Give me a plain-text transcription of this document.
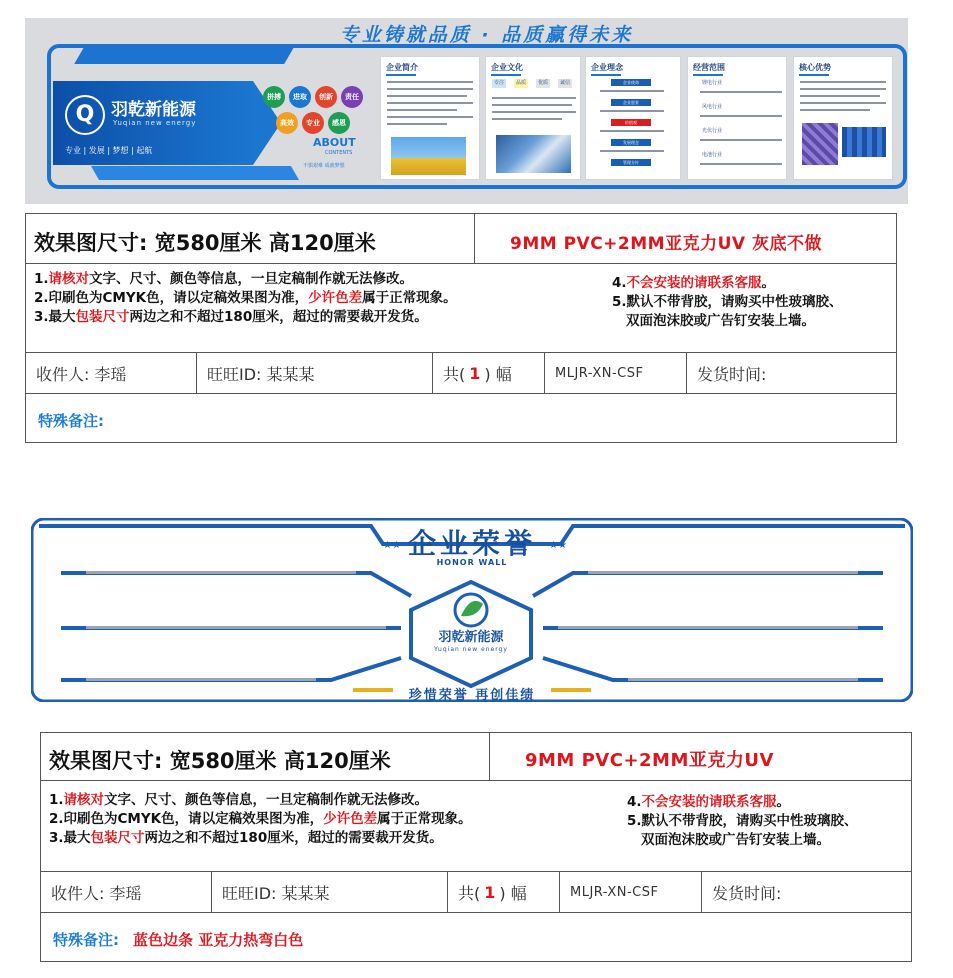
专业铸就品质 · 品质赢得未来
Q 羽乾新能源
Yuqian new energy
专业 | 发展 | 梦想 | 起航
拼搏	进取	创新	责任
高效	专业	感恩
ABOUT
CONTENTS
不惧艰难 成就梦想
企业简介	企业文化
专注	品质	优质	诚信
企业理念
企业使命
企业愿景
价值观
发展理念
管理方针
经营范围
锂电行业
风电行业
光伏行业
电池行业
核心优势
效果图尺寸: 宽580厘米 高120厘米	9MM PVC+2MM亚克力UV 灰底不做
1.请核对文字、尺寸、颜色等信息，一旦定稿制作就无法修改。
2.印刷色为CMYK色，请以定稿效果图为准，少许色差属于正常现象。
3.最大包装尺寸两边之和不超过180厘米，超过的需要裁开发货。
4.不会安装的请联系客服。
5.默认不带背胶，请购买中性玻璃胶、
双面泡沫胶或广告钉安装上墙。
收件人: 李瑶	旺旺ID: 某某某	共( 1 ) 幅	MLJR-XN-CSF	发货时间:
特殊备注:
★★	★★
企业荣誉
HONOR WALL
羽乾新能源
Yuqian new energy
珍惜荣誉 再创佳绩
效果图尺寸: 宽580厘米 高120厘米	9MM PVC+2MM亚克力UV
1.请核对文字、尺寸、颜色等信息，一旦定稿制作就无法修改。
2.印刷色为CMYK色，请以定稿效果图为准，少许色差属于正常现象。
3.最大包装尺寸两边之和不超过180厘米，超过的需要裁开发货。
4.不会安装的请联系客服。
5.默认不带背胶，请购买中性玻璃胶、
双面泡沫胶或广告钉安装上墙。
收件人: 李瑶	旺旺ID: 某某某	共( 1 ) 幅	MLJR-XN-CSF	发货时间:
特殊备注: 蓝色边条 亚克力热弯白色
